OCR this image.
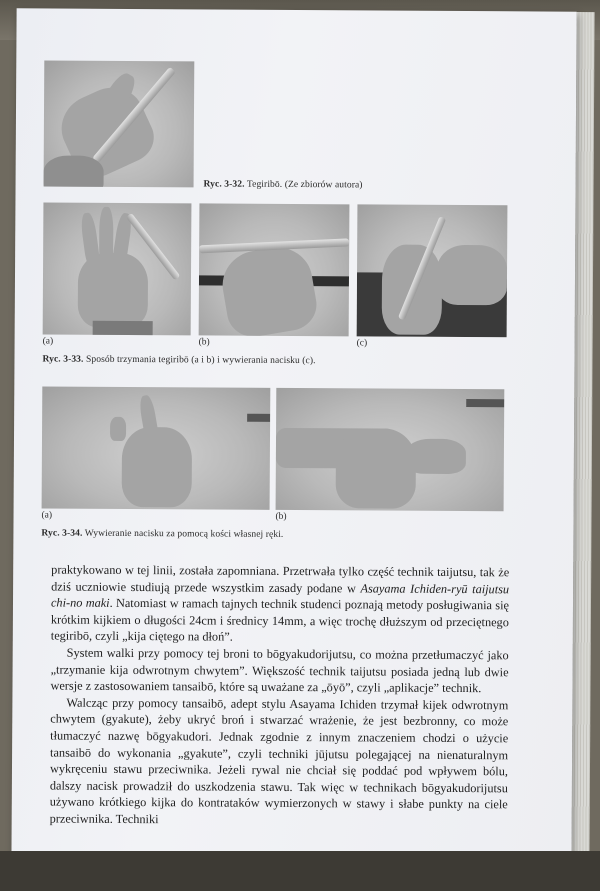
Ryc. 3-32. Tegiribō. (Ze zbiorów autora)
(a)	(b)	(c)
Ryc. 3-33. Sposób trzymania tegiribō (a i b) i wywierania nacisku (c).
(a)	(b)
Ryc. 3-34. Wywieranie nacisku za pomocą kości własnej ręki.

praktykowano w tej linii, została zapomniana. Przetrwała tylko część technik taijutsu, tak że dziś uczniowie studiują przede wszystkim zasady podane w Asayama Ichiden-ryū taijutsu chi-no maki. Natomiast w ramach tajnych technik studenci poznają metody posługiwania się krótkim kijkiem o długości 24cm i średnicy 14mm, a więc trochę dłuższym od przeciętnego tegiribō, czyli „kija ciętego na dłoń”.

System walki przy pomocy tej broni to bōgyakudorijutsu, co można przetłumaczyć jako „trzymanie kija odwrotnym chwytem”. Większość technik taijutsu posiada jedną lub dwie wersje z zastosowaniem tansaibō, które są uważane za „ōyō”, czyli „aplikacje” technik.

Walcząc przy pomocy tansaibō, adept stylu Asayama Ichiden trzymał kijek odwrotnym chwytem (gyakute), żeby ukryć broń i stwarzać wrażenie, że jest bezbronny, co może tłumaczyć nazwę bōgyakudori. Jednak zgodnie z innym znaczeniem chodzi o użycie tansaibō do wykonania „gyakute”, czyli techniki jūjutsu polegającej na nienaturalnym wykręceniu stawu przeciwnika. Jeżeli rywal nie chciał się poddać pod wpływem bólu, dalszy nacisk prowadził do uszkodzenia stawu. Tak więc w technikach bōgyakudorijutsu używano krótkiego kijka do kontrataków wymierzonych w stawy i słabe punkty na ciele przeciwnika. Techniki
